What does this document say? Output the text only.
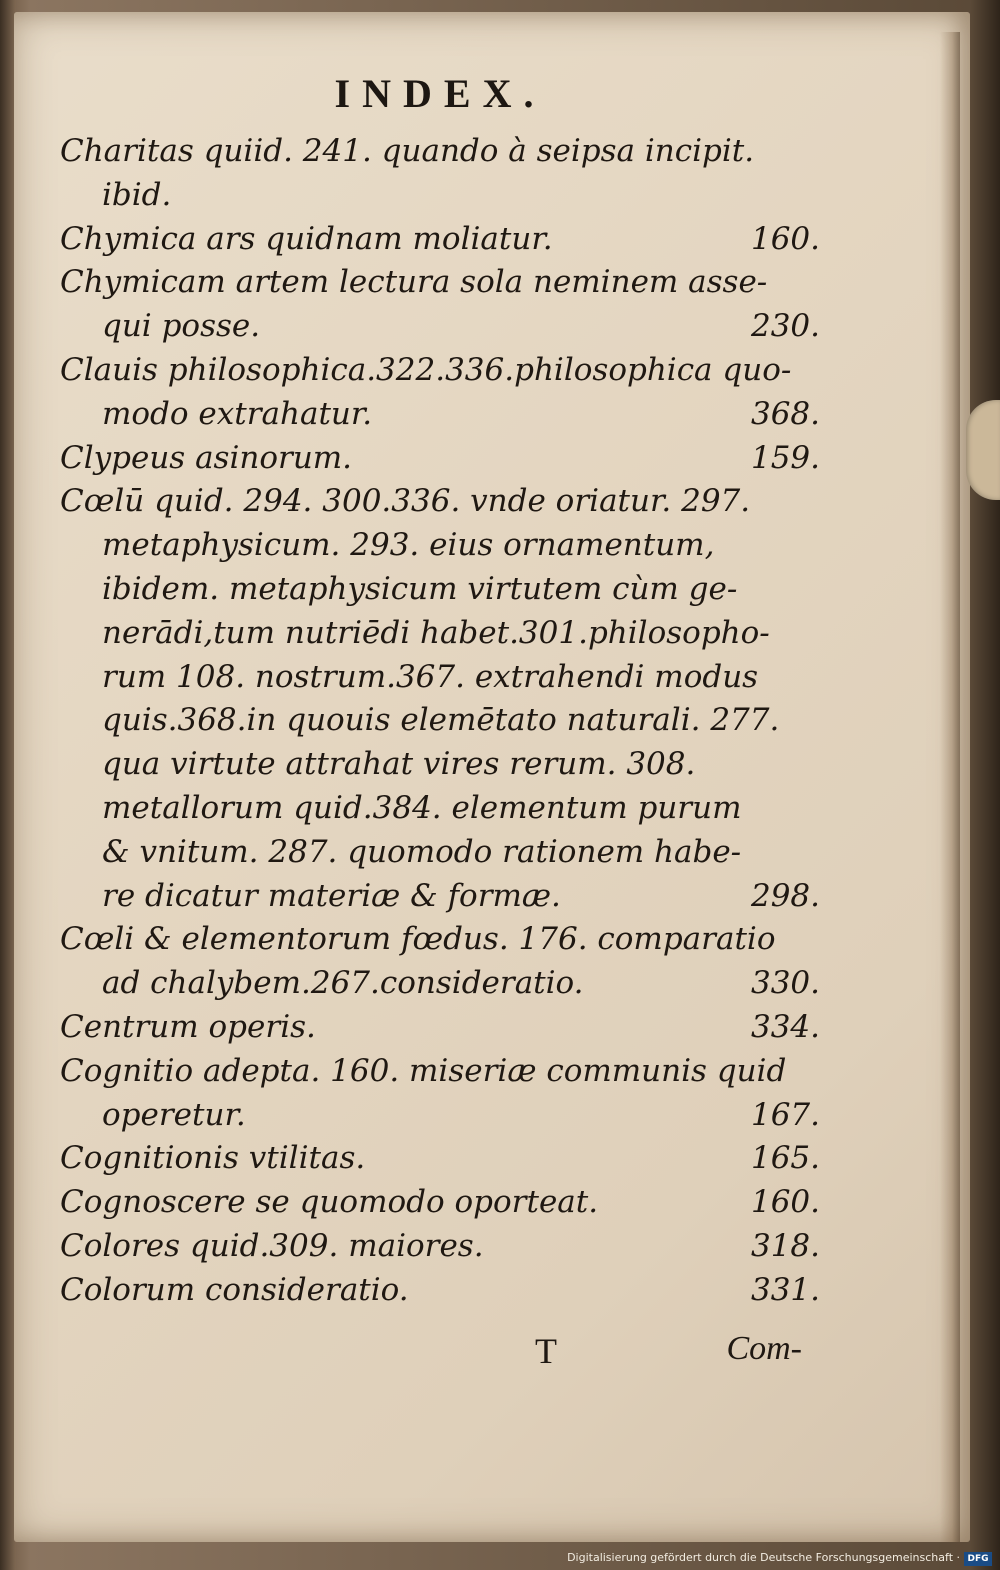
INDEX.
Charitas quiid. 241. quando à seipsa incipit.
ibid.
Chymica ars quidnam moliatur.	160.
Chymicam artem lectura sola neminem asse-
qui posse.	230.
Clauis philosophica.322.336.philosophica quo-
modo extrahatur.	368.
Clypeus asinorum.	159.
Cœlū quid. 294. 300.336. vnde oriatur. 297.
metaphysicum. 293. eius ornamentum,
ibidem. metaphysicum virtutem cùm ge-
nerādi,tum nutriēdi habet.301.philosopho-
rum 108. nostrum.367. extrahendi modus
quis.368.in quouis elemētato naturali. 277.
qua virtute attrahat vires rerum. 308.
metallorum quid.384. elementum purum
& vnitum. 287. quomodo rationem habe-
re dicatur materiæ & formæ.	298.
Cœli & elementorum fœdus. 176. comparatio
ad chalybem.267.consideratio.	330.
Centrum operis.	334.
Cognitio adepta. 160. miseriæ communis quid
operetur.	167.
Cognitionis vtilitas.	165.
Cognoscere se quomodo oporteat.	160.
Colores quid.309. maiores.	318.
Colorum consideratio.	331.
T	Com-
Digitalisierung gefördert durch die Deutsche Forschungsgemeinschaft · DFG
